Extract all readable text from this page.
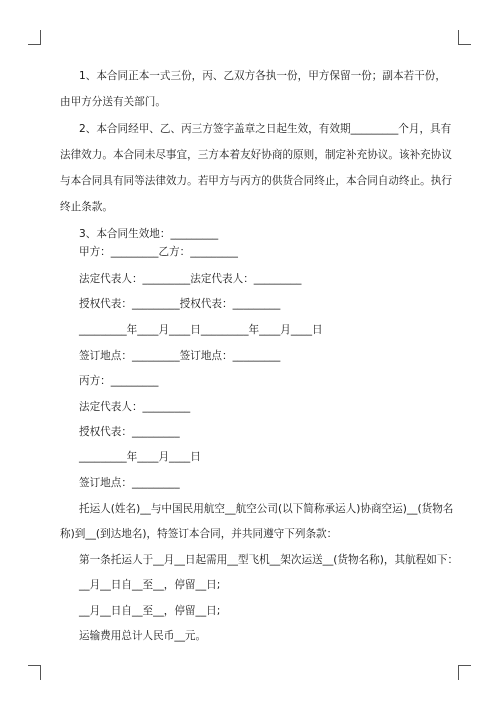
1、本合同正本一式三份，丙、乙双方各执一份，甲方保留一份；副本若干份，
由甲方分送有关部门。
2、本合同经甲、乙、丙三方签字盖章之日起生效，有效期_________个月，具有
法律效力。本合同未尽事宜，三方本着友好协商的原则，制定补充协议。该补充协议
与本合同具有同等法律效力。若甲方与丙方的供货合同终止，本合同自动终止。执行
终止条款。
3、本合同生效地：_________
甲方：_________乙方：_________
法定代表人：_________法定代表人：_________
授权代表：_________授权代表：_________
_________年____月____日_________年____月____日
签订地点：_________签订地点：_________
丙方：_________
法定代表人：_________
授权代表：_________
_________年____月____日
签订地点：_________
托运人(姓名)__与中国民用航空__航空公司(以下简称承运人)协商空运)__(货物名
称)到__(到达地名)，特签订本合同，并共同遵守下列条款：
第一条托运人于__月__日起需用__型飞机__架次运送__(货物名称)，其航程如下：
__月__日自__至__，停留__日;
__月__日自__至__，停留__日;
运输费用总计人民币__元。
